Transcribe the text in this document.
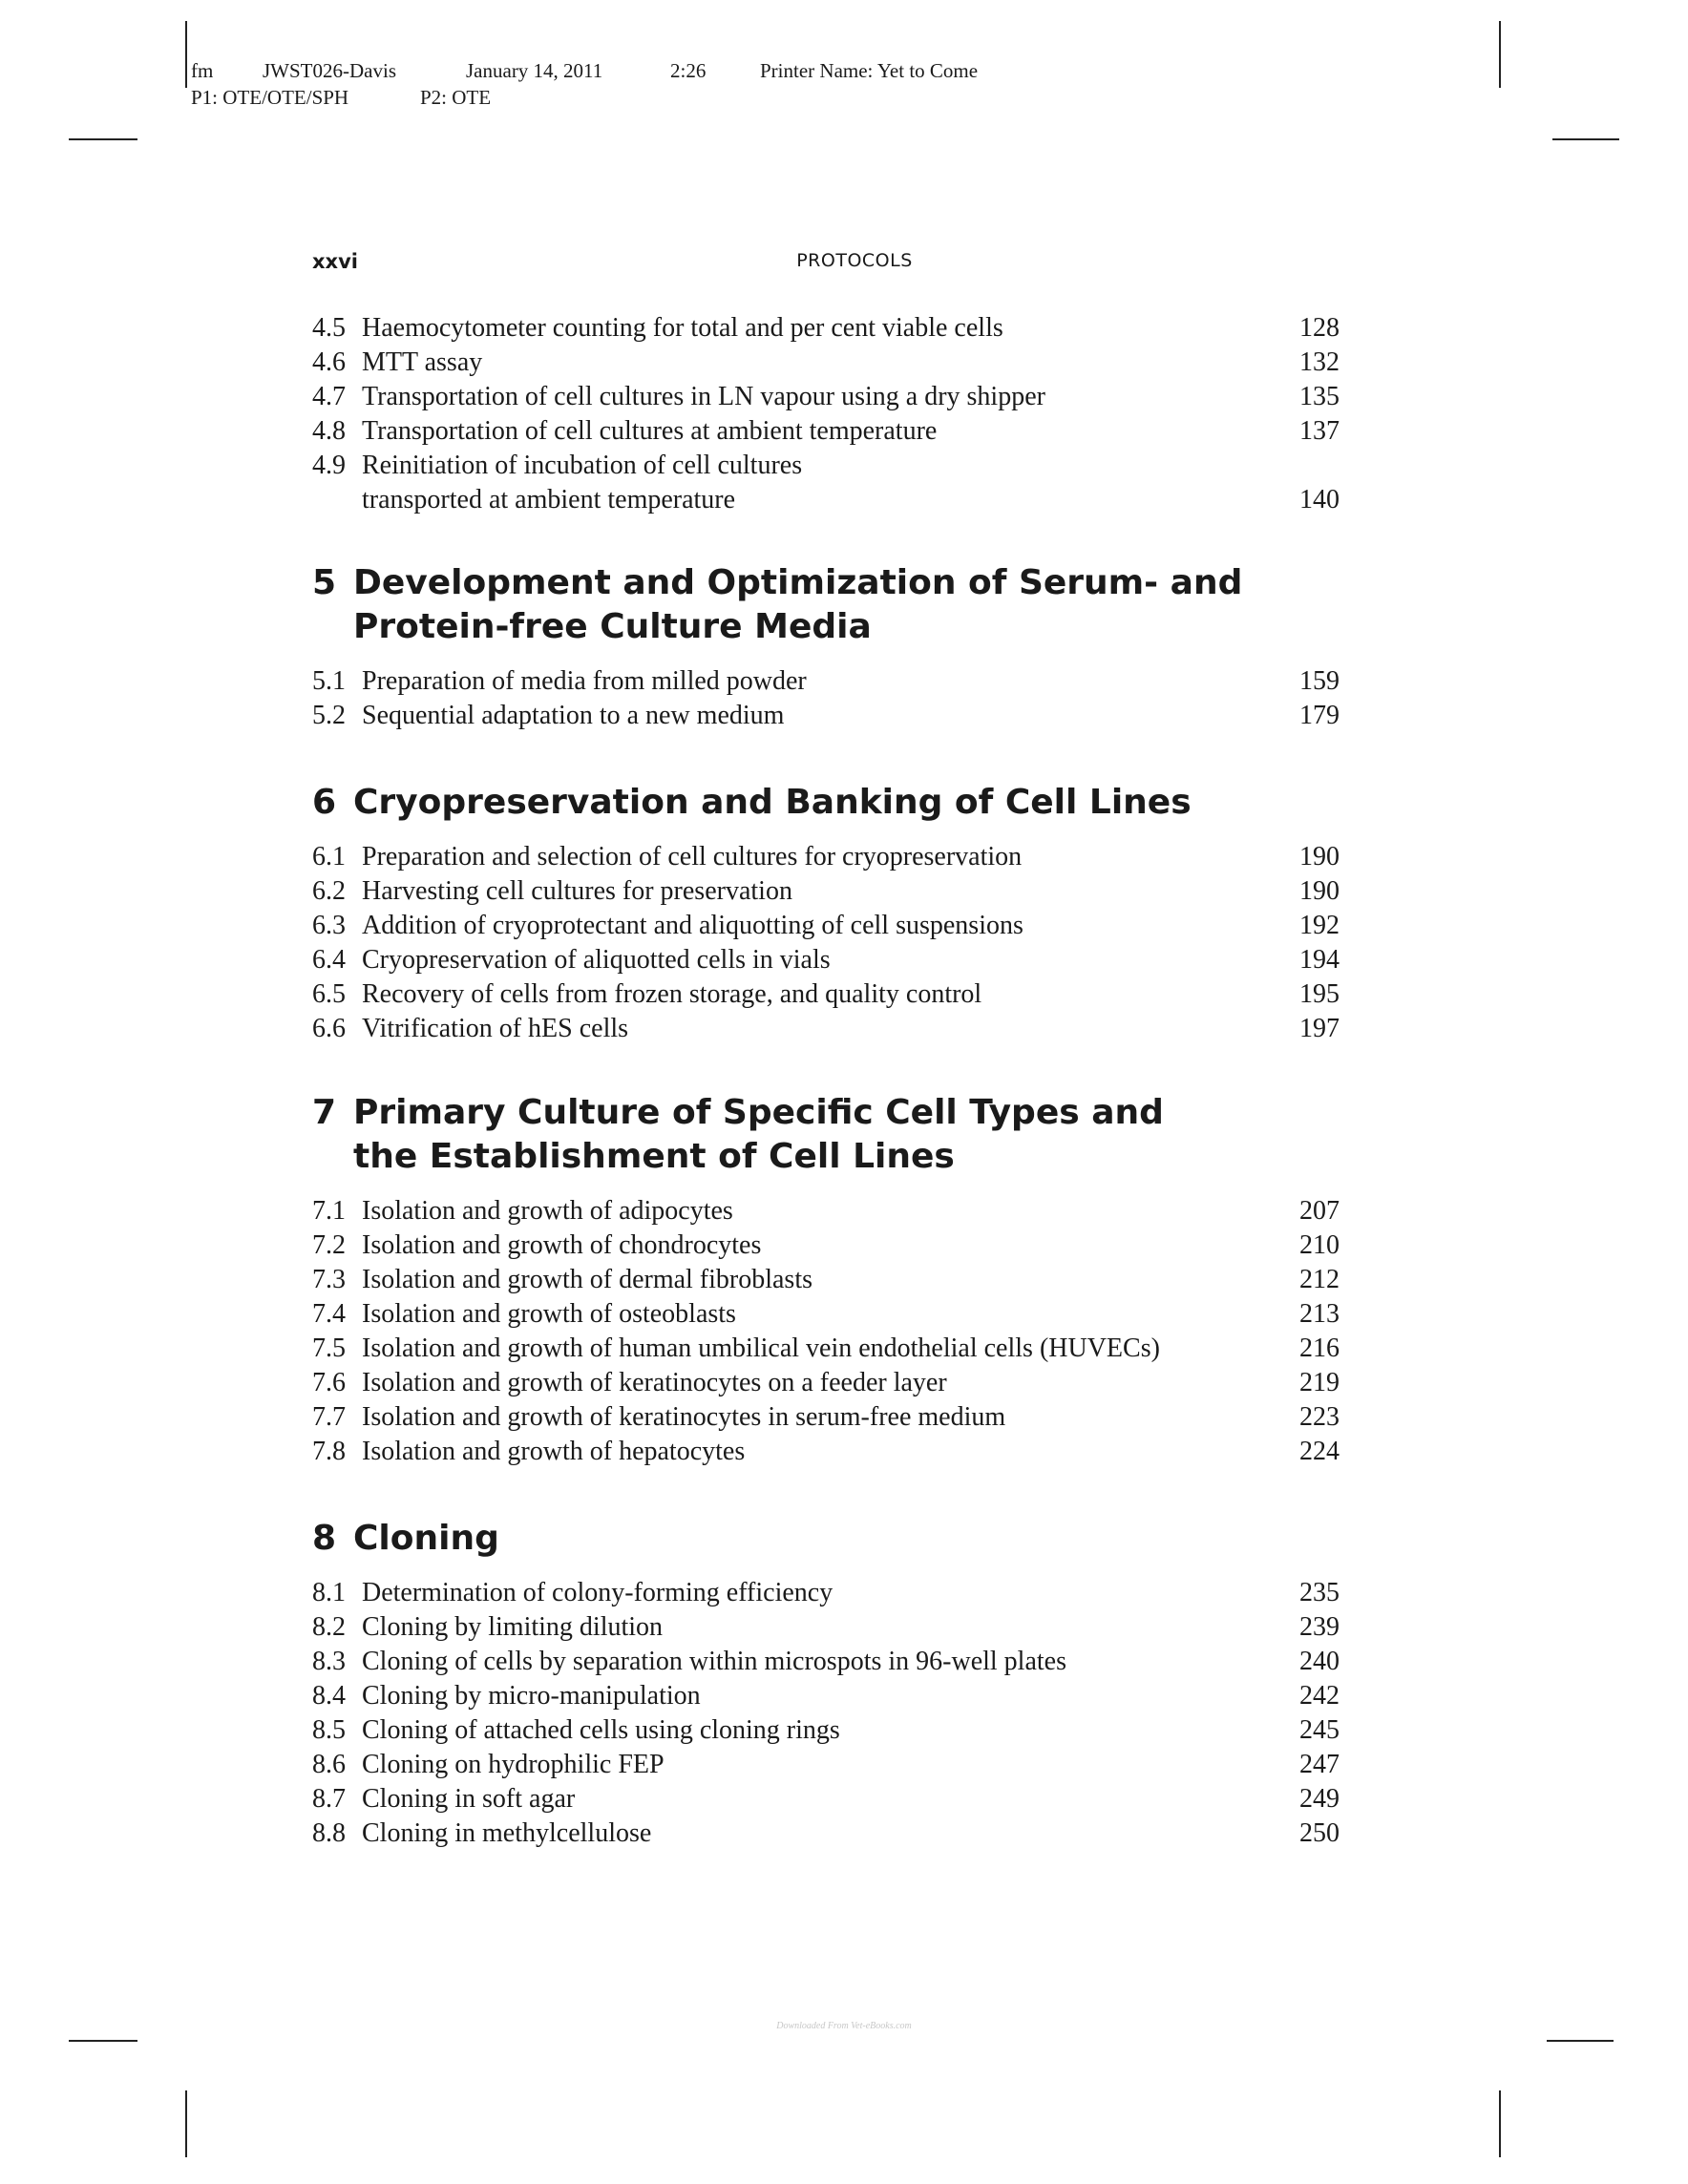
fm

JWST026-Davis

	January 14, 2011

	2:26

	Printer Name: Yet to Come

P1: OTE/OTE/SPH

	P2: OTE

xxvi	PROTOCOLS
4.5 Haemocytometer counting for total and per cent viable cells	128
4.6 MTT assay	132
4.7 Transportation of cell cultures in LN vapour using a dry shipper	135
4.8 Transportation of cell cultures at ambient temperature	137
4.9 Reinitiation of incubation of cell cultures transported at ambient temperature	140
5 Development and Optimization of Serum- and Protein-free Culture Media
5.1 Preparation of media from milled powder	159
5.2 Sequential adaptation to a new medium	179
6 Cryopreservation and Banking of Cell Lines
6.1 Preparation and selection of cell cultures for cryopreservation	190
6.2 Harvesting cell cultures for preservation	190
6.3 Addition of cryoprotectant and aliquotting of cell suspensions	192
6.4 Cryopreservation of aliquotted cells in vials	194
6.5 Recovery of cells from frozen storage, and quality control	195
6.6 Vitrification of hES cells	197
7 Primary Culture of Specific Cell Types and the Establishment of Cell Lines
7.1 Isolation and growth of adipocytes	207
7.2 Isolation and growth of chondrocytes	210
7.3 Isolation and growth of dermal fibroblasts	212
7.4 Isolation and growth of osteoblasts	213
7.5 Isolation and growth of human umbilical vein endothelial cells (HUVECs)	216
7.6 Isolation and growth of keratinocytes on a feeder layer	219
7.7 Isolation and growth of keratinocytes in serum-free medium	223
7.8 Isolation and growth of hepatocytes	224
8 Cloning
8.1 Determination of colony-forming efficiency	235
8.2 Cloning by limiting dilution	239
8.3 Cloning of cells by separation within microspots in 96-well plates	240
8.4 Cloning by micro-manipulation	242
8.5 Cloning of attached cells using cloning rings	245
8.6 Cloning on hydrophilic FEP	247
8.7 Cloning in soft agar	249
8.8 Cloning in methylcellulose	250
Downloaded From Vet-eBooks.com
